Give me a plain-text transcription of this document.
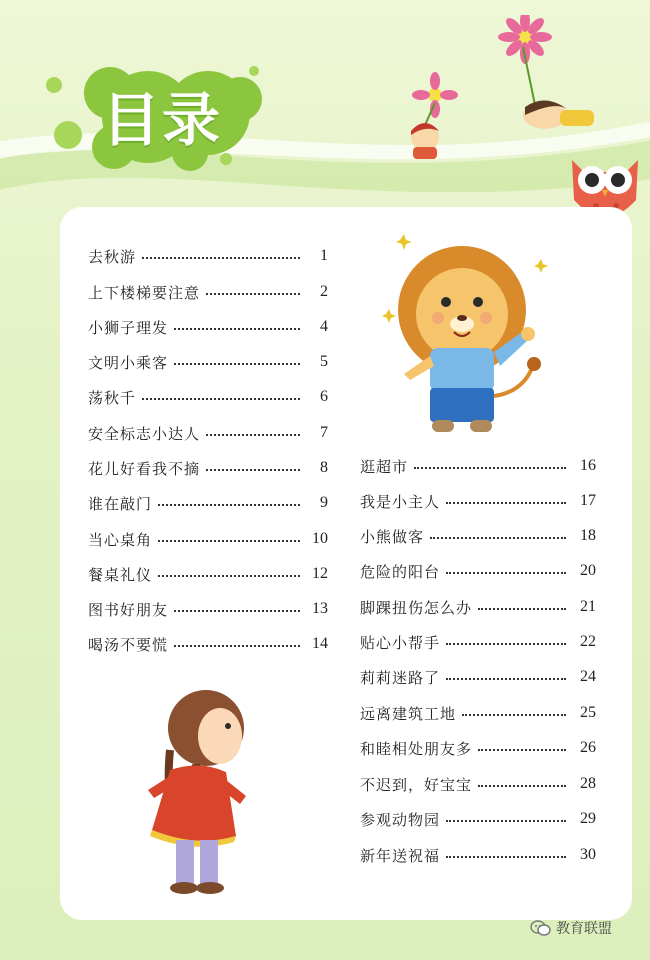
目录
去秋游	1
上下楼梯要注意	2
小狮子理发	4
文明小乘客	5
荡秋千	6
安全标志小达人	7
花儿好看我不摘	8
谁在敲门	9
当心桌角	10
餐桌礼仪	12
图书好朋友	13
喝汤不要慌	14
逛超市	16
我是小主人	17
小熊做客	18
危险的阳台	20
脚踝扭伤怎么办	21
贴心小帮手	22
莉莉迷路了	24
远离建筑工地	25
和睦相处朋友多	26
不迟到，好宝宝	28
参观动物园	29
新年送祝福	30
教育联盟
